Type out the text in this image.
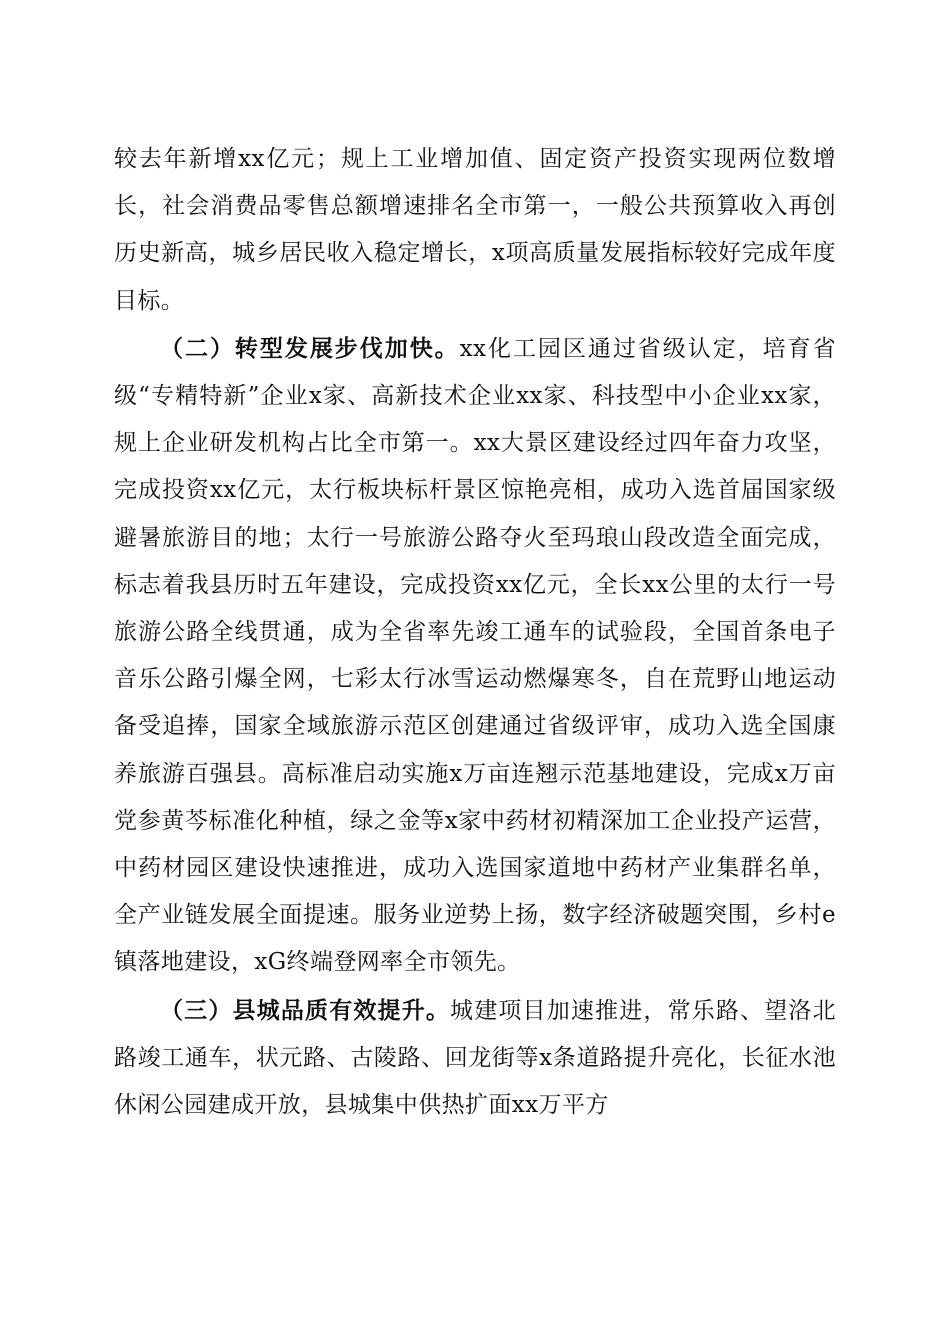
较去年新增xx亿元；规上工业增加值、固定资产投资实现两位数增长，社会消费品零售总额增速排名全市第一，一般公共预算收入再创历史新高，城乡居民收入稳定增长，x项高质量发展指标较好完成年度目标。

（二）转型发展步伐加快。xx化工园区通过省级认定，培育省级“专精特新”企业x家、高新技术企业xx家、科技型中小企业xx家，规上企业研发机构占比全市第一。xx大景区建设经过四年奋力攻坚，完成投资xx亿元，太行板块标杆景区惊艳亮相，成功入选首届国家级避暑旅游目的地；太行一号旅游公路夺火至玛琅山段改造全面完成，标志着我县历时五年建设，完成投资xx亿元，全长xx公里的太行一号旅游公路全线贯通，成为全省率先竣工通车的试验段，全国首条电子音乐公路引爆全网，七彩太行冰雪运动燃爆寒冬，自在荒野山地运动备受追捧，国家全域旅游示范区创建通过省级评审，成功入选全国康养旅游百强县。高标准启动实施x万亩连翘示范基地建设，完成x万亩党参黄芩标准化种植，绿之金等x家中药材初精深加工企业投产运营，中药材园区建设快速推进，成功入选国家道地中药材产业集群名单，全产业链发展全面提速。服务业逆势上扬，数字经济破题突围，乡村e镇落地建设，xG终端登网率全市领先。

（三）县城品质有效提升。城建项目加速推进，常乐路、望洛北路竣工通车，状元路、古陵路、回龙街等x条道路提升亮化，长征水池休闲公园建成开放，县城集中供热扩面xx万平方
